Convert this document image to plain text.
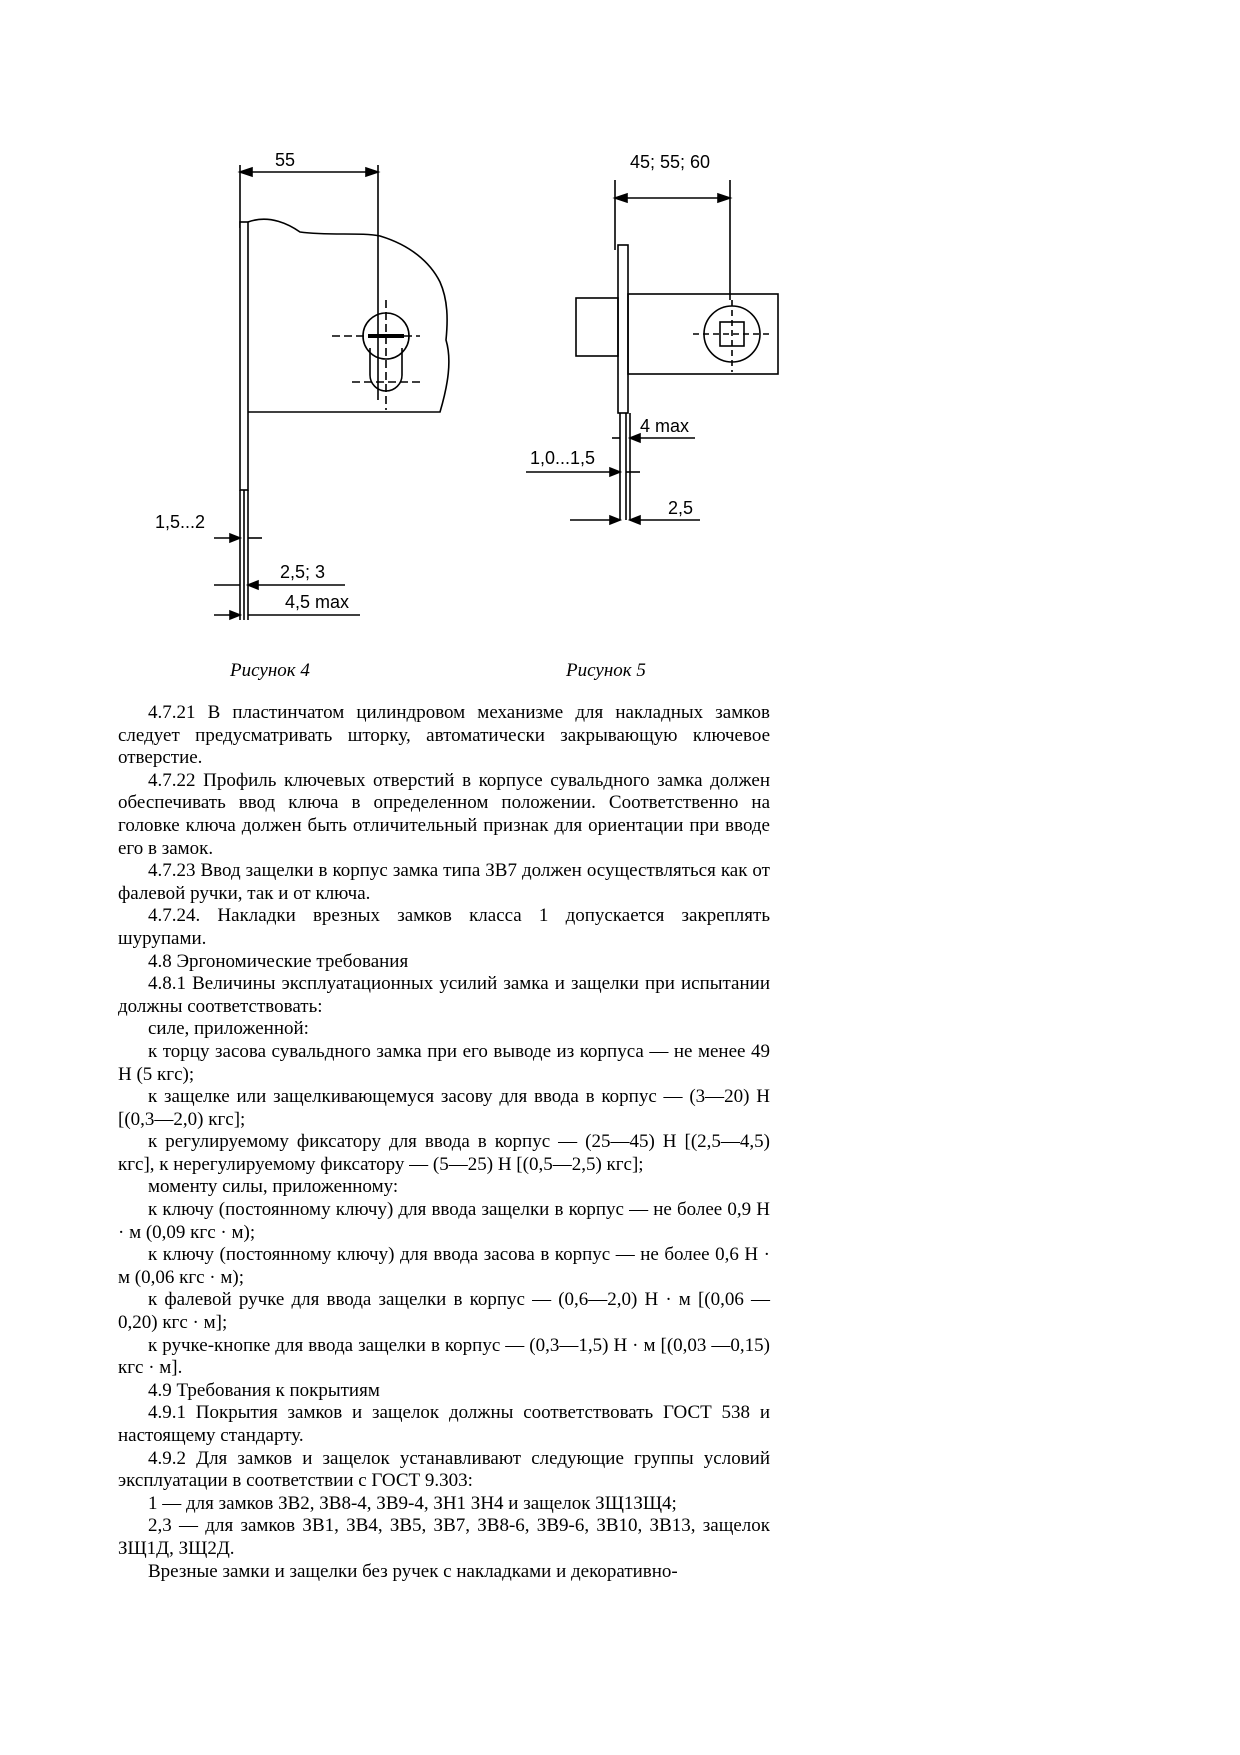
55
1,5...2
2,5; 3
4,5 max
45; 55; 60
4 max
1,0...1,5
2,5
Рисунок 4	Рисунок 5

4.7.21 В пластинчатом цилиндровом механизме для накладных замков следует предусматривать шторку, автоматически закрывающую ключевое отверстие.

4.7.22 Профиль ключевых отверстий в корпусе сувальдного замка должен обеспечивать ввод ключа в определенном положении. Соответственно на головке ключа должен быть отличительный признак для ориентации при вводе его в замок.

4.7.23 Ввод защелки в корпус замка типа ЗВ7 должен осуществляться как от фалевой ручки, так и от ключа.

4.7.24. Накладки врезных замков класса 1 допускается закреплять шурупами.

4.8 Эргономические требования

4.8.1 Величины эксплуатационных усилий замка и защелки при испытании должны соответствовать:

силе, приложенной:

к торцу засова сувальдного замка при его выводе из корпуса — не менее 49 Н (5 кгс);

к защелке или защелкивающемуся засову для ввода в корпус — (3—20) Н [(0,3—2,0) кгс];

к регулируемому фиксатору для ввода в корпус — (25—45) Н [(2,5—4,5) кгс], к нерегулируемому фиксатору — (5—25) Н [(0,5—2,5) кгс];

моменту силы, приложенному:

к ключу (постоянному ключу) для ввода защелки в корпус — не более 0,9 Н · м (0,09 кгс · м);

к ключу (постоянному ключу) для ввода засова в корпус — не более 0,6 Н · м (0,06 кгс · м);

к фалевой ручке для ввода защелки в корпус — (0,6—2,0) Н · м [(0,06 —0,20) кгс · м];

к ручке-кнопке для ввода защелки в корпус — (0,3—1,5) Н · м [(0,03 —0,15) кгс · м].

4.9 Требования к покрытиям

4.9.1 Покрытия замков и защелок должны соответствовать ГОСТ 538 и настоящему стандарту.

4.9.2 Для замков и защелок устанавливают следующие группы условий эксплуатации в соответствии с ГОСТ 9.303:

1 — для замков ЗВ2, ЗВ8-4, ЗВ9-4, ЗН1 ЗН4 и защелок ЗЩ1ЗЩ4;

2,3 — для замков ЗВ1, ЗВ4, ЗВ5, ЗВ7, ЗВ8-6, ЗВ9-6, ЗВ10, ЗВ13, защелок ЗЩ1Д, ЗЩ2Д.

Врезные замки и защелки без ручек с накладками и декоративно-
